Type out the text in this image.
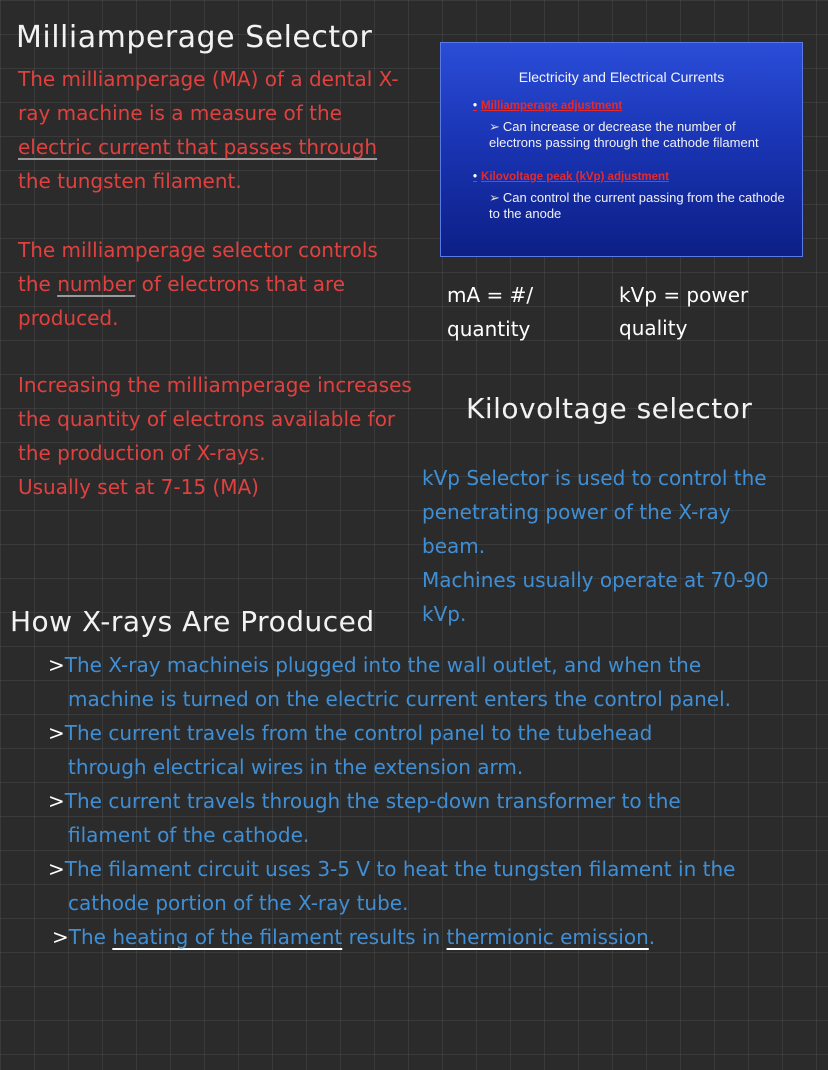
Milliamperage Selector
The milliamperage (MA) of a dental X-
ray machine is a measure of the
electric current that passes through
the tungsten filament.
The milliamperage selector controls
the number of electrons that are
produced.
Increasing the milliamperage increases
the quantity of electrons available for
the production of X-rays.
Usually set at 7-15 (MA)
Electricity and Electrical Currents
• Milliamperage adjustment
➢ Can increase or decrease the number of electrons passing through the cathode filament
• Kilovoltage peak (kVp) adjustment
➢ Can control the current passing from the cathode to the anode
mA = #/
quantity
kVp = power
quality
Kilovoltage selector
kVp Selector is used to control the
penetrating power of the X-ray
beam.
Machines usually operate at 70-90
kVp.
How X-rays Are Produced
>The X-ray machineis plugged into the wall outlet, and when the
machine is turned on the electric current enters the control panel.
>The current travels from the control panel to the tubehead
through electrical wires in the extension arm.
>The current travels through the step-down transformer to the
filament of the cathode.
>The filament circuit uses 3-5 V to heat the tungsten filament in the
cathode portion of the X-ray tube.
>The heating of the filament results in thermionic emission.
